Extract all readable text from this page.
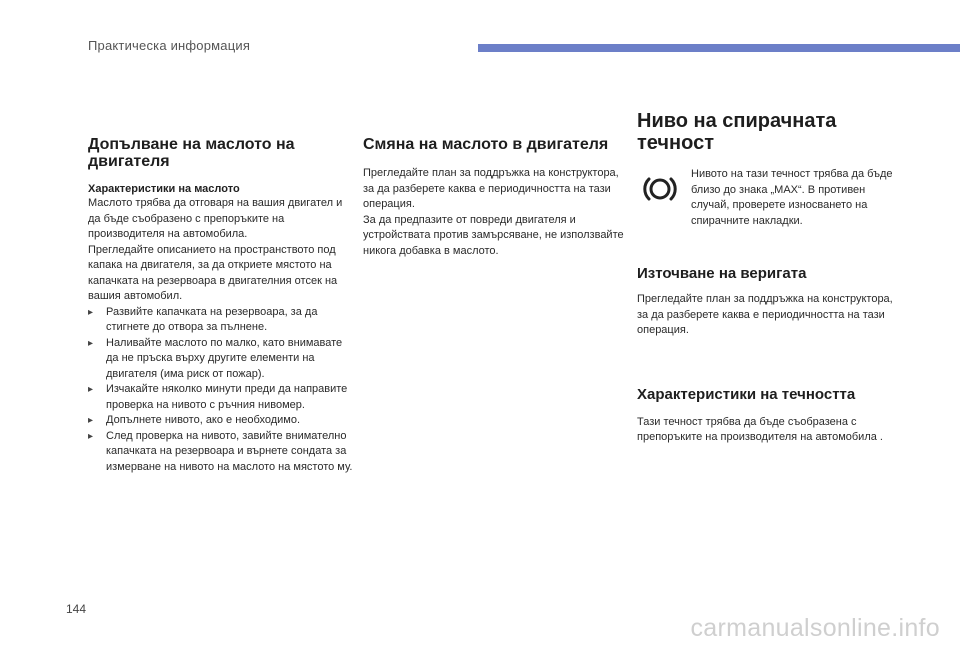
Практическа информация
Допълване на маслото на двигателя
Характеристики на маслото

Маслото трябва да отговаря на вашия двигател и да бъде съобразено с препоръките на производителя на автомобила.

Прегледайте описанието на пространството под капака на двигателя, за да откриете мястото на капачката на резервоара в двигателния отсек на вашия автомобил.

▸	Развийте капачката на резервоара, за да стигнете до отвора за пълнене.
▸	Наливайте маслото по малко, като внимавате да не пръска върху другите елементи на двигателя (има риск от пожар).
▸	Изчакайте няколко минути преди да направите проверка на нивото с ръчния нивомер.
▸	Допълнете нивото, ако е необходимо.
▸	След проверка на нивото, завийте внимателно капачката на резервоара и върнете сондата за измерване на нивото на маслото на мястото му.
Смяна на маслото в двигателя

Прегледайте план за поддръжка на конструктора, за да разберете каква е периодичността на тази операция.

За да предпазите от повреди двигателя и устройствата против замърсяване, не използвайте никога добавка в маслото.

Ниво на спирачната течност

Нивото на тази течност трябва да бъде близо до знака „MAX“. В противен случай, проверете износването на спирачните накладки.

Източване на веригата

Прегледайте план за поддръжка на конструктора, за да разберете каква е периодичността на тази операция.

Характеристики на течността

Тази течност трябва да бъде съобразена с препоръките на производителя на автомобила .

144
carmanualsonline.info
